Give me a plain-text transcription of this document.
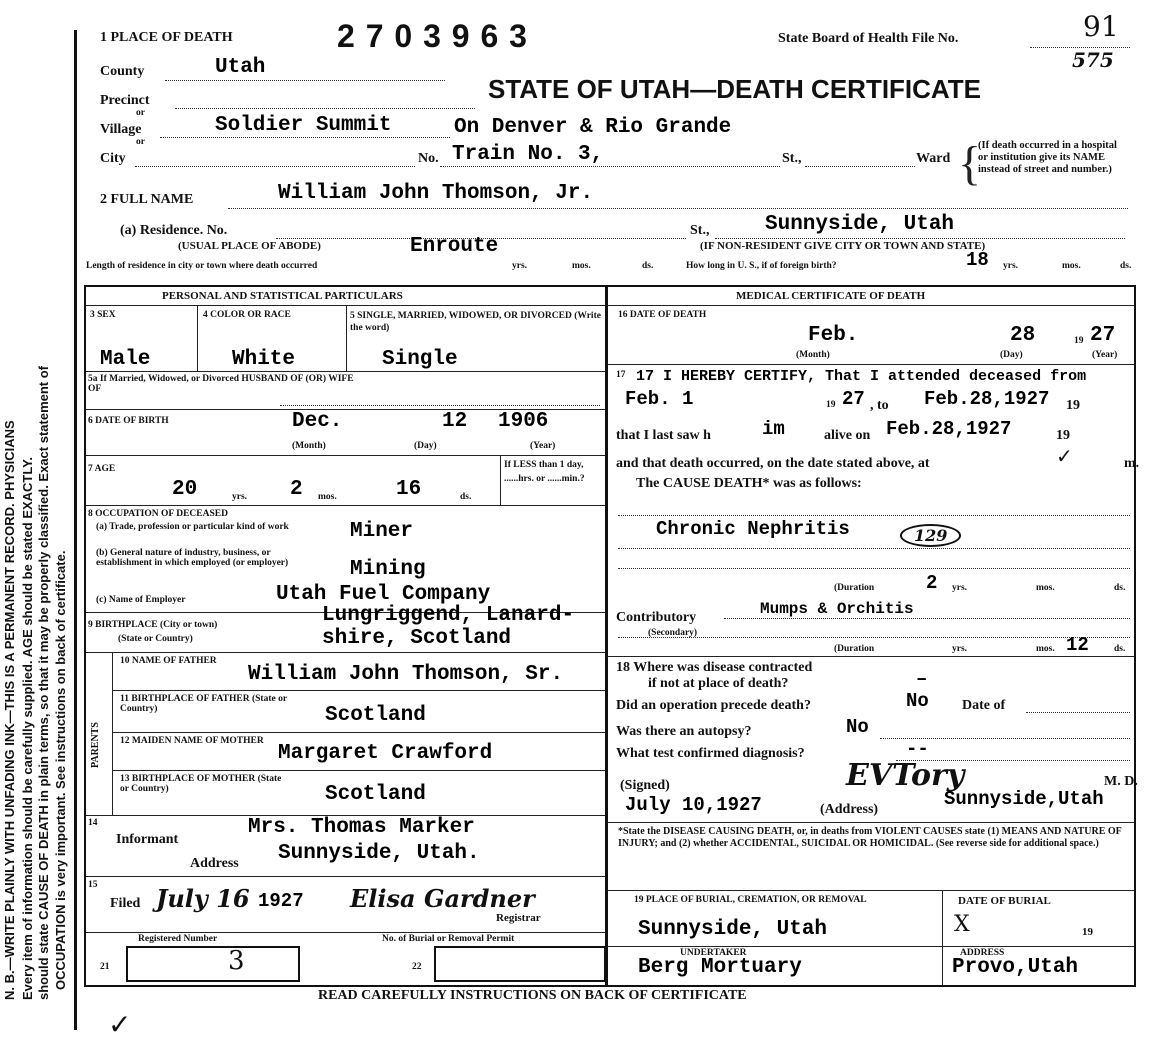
N. B.—WRITE PLAINLY WITH UNFADING INK—THIS IS A PERMANENT RECORD. PHYSICIANS Every item of information should be carefully supplied. AGE should be stated EXACTLY. should state CAUSE OF DEATH in plain terms, so that it may be properly classified. Exact statement of OCCUPATION is very important. See instructions on back of certificate.
1 PLACE OF DEATH	2 7 0 3 9 6 3	State Board of Health File No.	91
575
County	Utah
STATE OF UTAH—DEATH CERTIFICATE
Precinct
or
Village	Soldier Summit	On Denver & Rio Grande
or
City	No. Train No. 3,	St.,	Ward {
(If death occurred in a hospital or institution give its NAME instead of street and number.)
2 FULL NAME	William John Thomson, Jr.
(a) Residence. No.	St.,	Sunnyside, Utah
(USUAL PLACE OF ABODE)	Enroute	(IF NON-RESIDENT GIVE CITY OR TOWN AND STATE)
Length of residence in city or town where death occurred	yrs.	mos.	ds.	How long in U. S., if of foreign birth?	18 yrs.	mos.	ds.
PERSONAL AND STATISTICAL PARTICULARS
3 SEX	4 COLOR OR RACE	5 SINGLE, MARRIED, WIDOWED, OR DIVORCED (Write the word)
Male	White	Single
5a If Married, Widowed, or Divorced HUSBAND OF (OR) WIFE OF
6 DATE OF BIRTH	Dec.	12 1906
(Month)	(Day)	(Year)
7 AGE
20	yrs. 2 mos.	16	ds.
If LESS than 1 day, ......hrs. or ......min.?
8 OCCUPATION OF DECEASED
(a) Trade, profession or particular kind of work	Miner
(b) General nature of industry, business, or establishment in which employed (or employer)	Mining
(c) Name of Employer	Utah Fuel Company
9 BIRTHPLACE (City or town)
(State or Country)
Lungriggend, Lanard-
shire, Scotland
PARENTS
10 NAME OF FATHER
William John Thomson, Sr.
11 BIRTHPLACE OF FATHER (State or Country)	Scotland
12 MAIDEN NAME OF MOTHER
Margaret Crawford
13 BIRTHPLACE OF MOTHER (State or Country)	Scotland
14
Informant
Mrs. Thomas Marker
Address Sunnyside, Utah.
15
Filed July 16 1927 Elisa Gardner
Registrar
Registered Number	No. of Burial or Removal Permit
21	3	22
MEDICAL CERTIFICATE OF DEATH
16 DATE OF DEATH
Feb.	28	19 27
(Month)	(Day)	(Year)
17 17 I HEREBY CERTIFY, That I attended deceased from
Feb. 1	19 27 , to Feb.28,1927 19
that I last saw h	im	alive on Feb.28,1927	19
and that death occurred, on the date stated above, at	✓	m.
The CAUSE DEATH* was as follows:
Chronic Nephritis	129
(Duration	2 yrs.	mos.	ds.
Contributory
(Secondary)
Mumps & Orchitis
(Duration	yrs.	mos. 12	ds.
18 Where was disease contracted
if not at place of death?	–
Did an operation precede death?	No Date of
Was there an autopsy?	No
What test confirmed diagnosis?	--
(Signed)	EVTory	M. D.
July 10,1927	(Address)	Sunnyside,Utah
*State the DISEASE CAUSING DEATH, or, in deaths from VIOLENT CAUSES state (1) MEANS AND NATURE OF INJURY; and (2) whether ACCIDENTAL, SUICIDAL OR HOMICIDAL. (See reverse side for additional space.)
19 PLACE OF BURIAL, CREMATION, OR REMOVAL
Sunnyside, Utah
DATE OF BURIAL
X	19
UNDERTAKER
Berg Mortuary
ADDRESS
Provo,Utah
READ CAREFULLY INSTRUCTIONS ON BACK OF CERTIFICATE
✓
